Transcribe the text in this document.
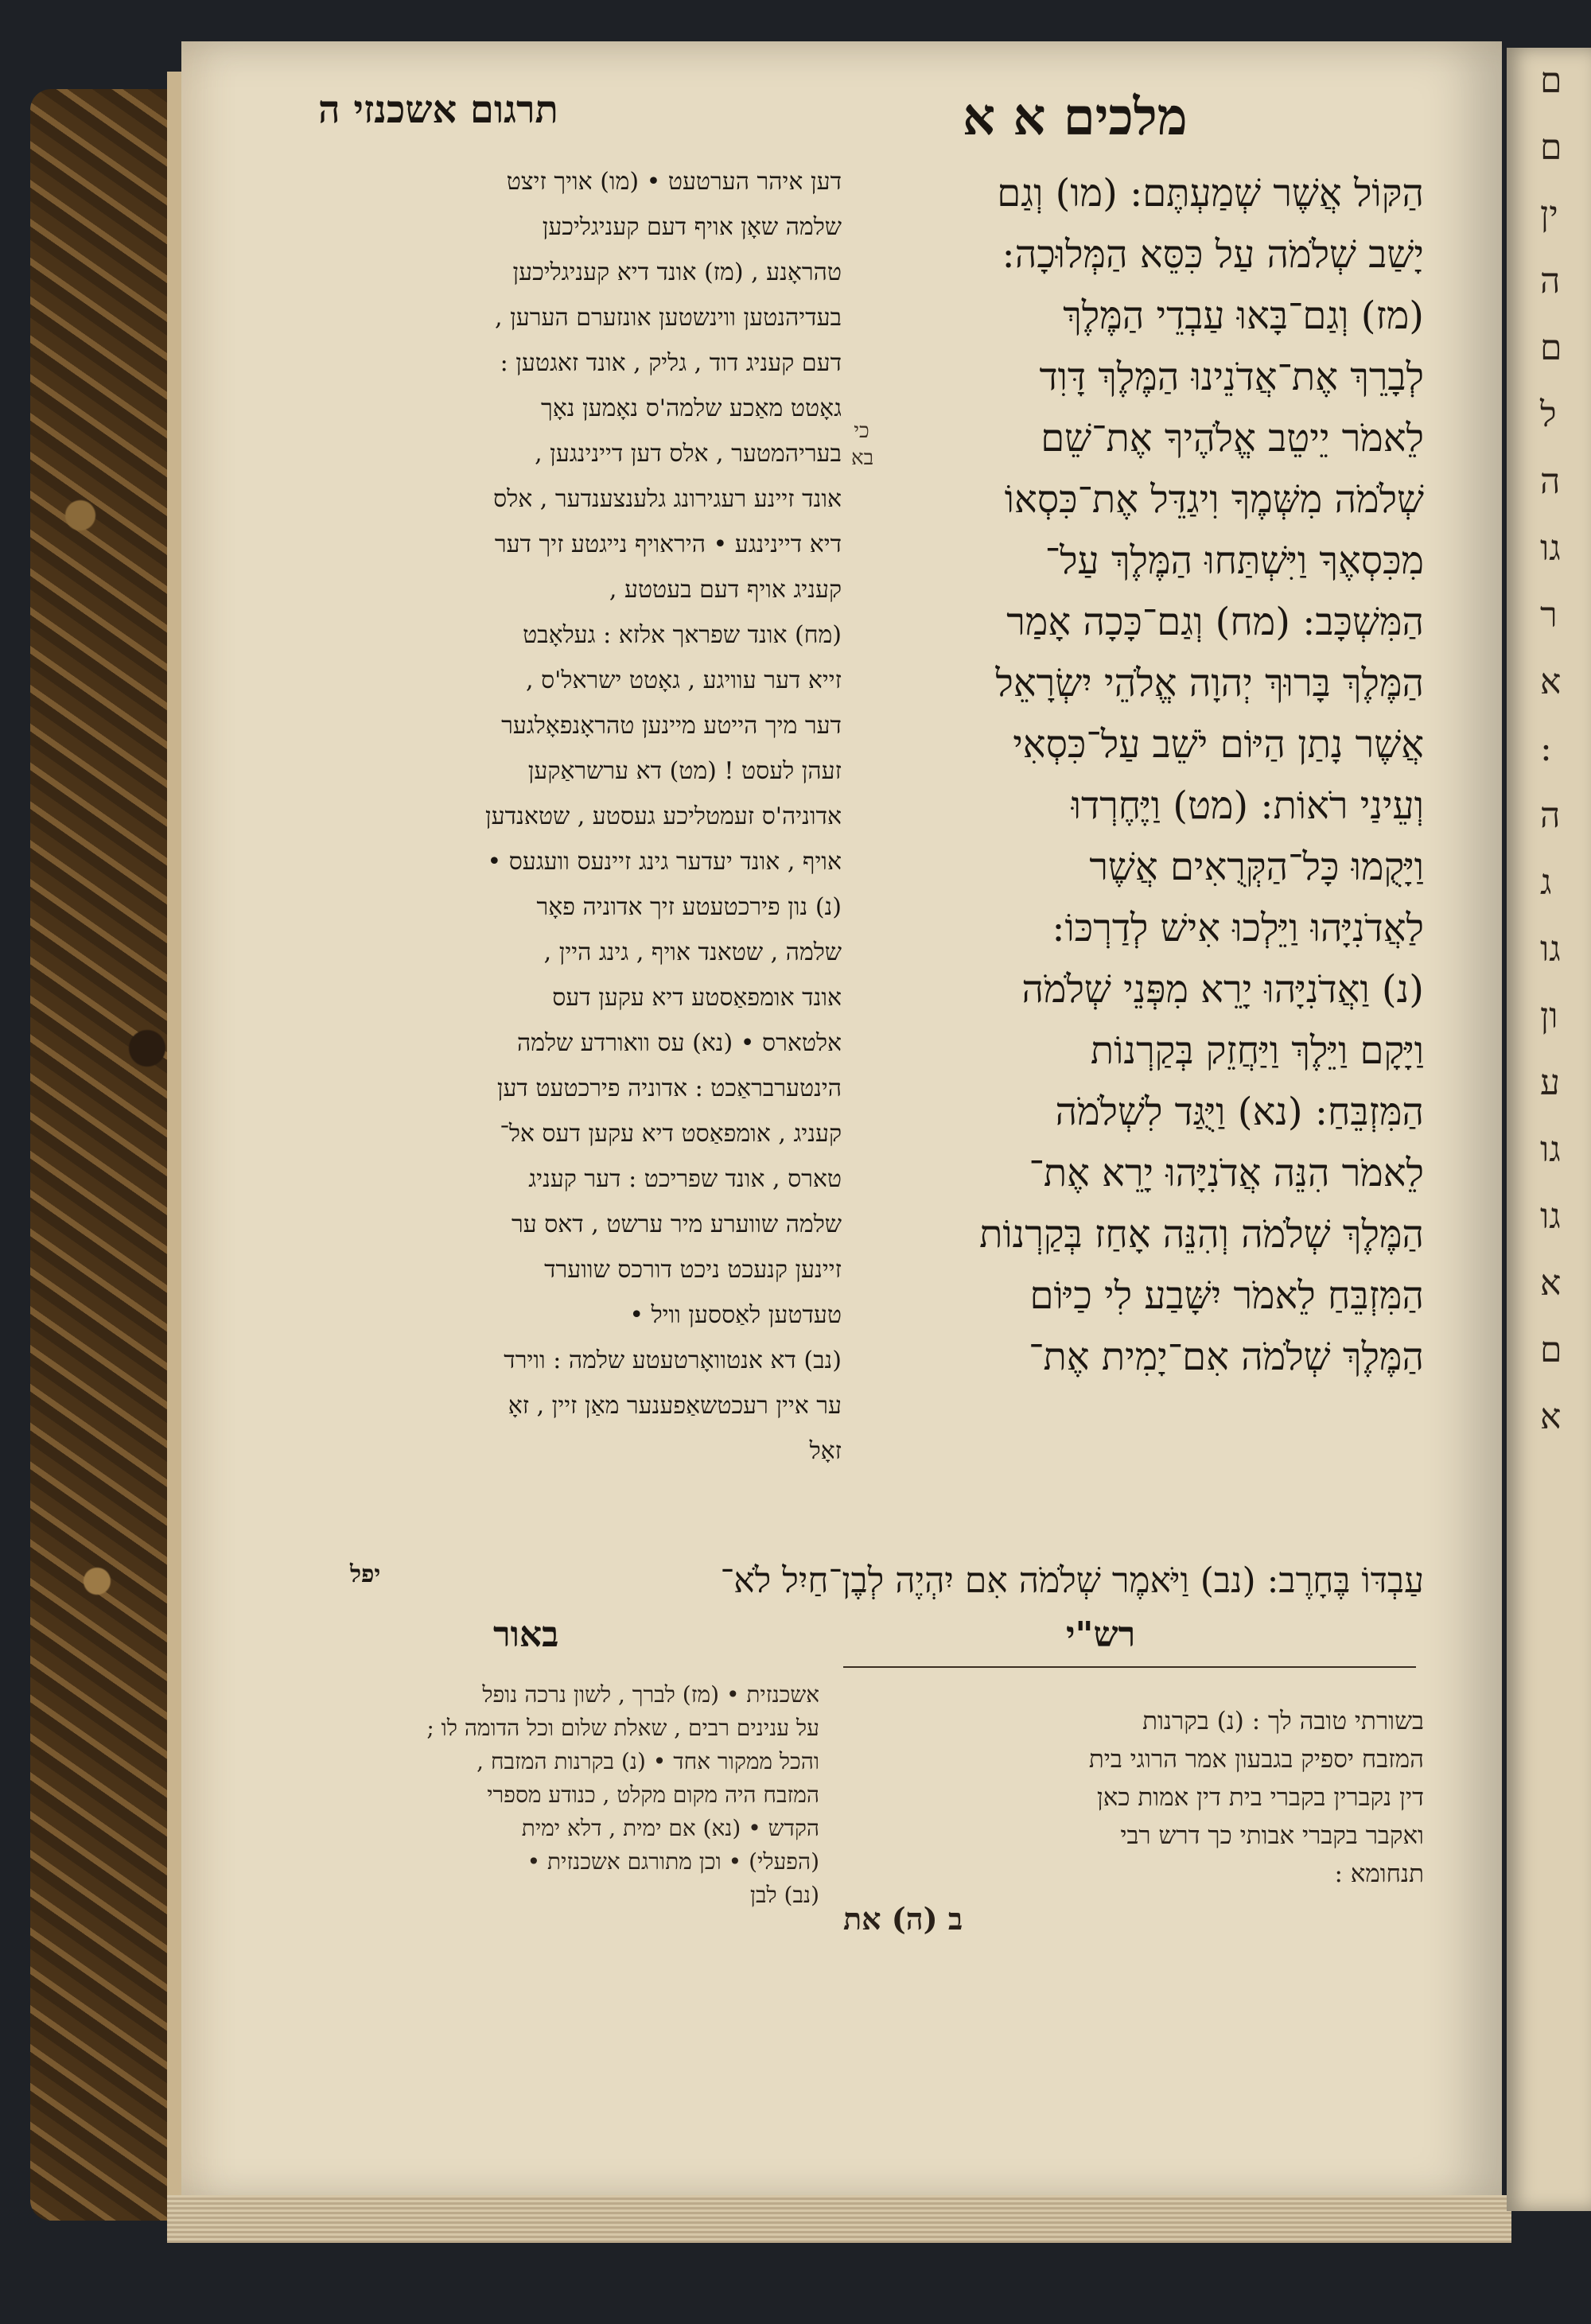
ם
ם
ין
ה
ם
ל
ה
גו
ר
א
:
ה
ג
גו
ון
ע
גו
גו
א
ם
א
תרגום אשכנזי ה	מלכים א א
הַקּוֹל אֲשֶׁר שְׁמַעְתֶּם: (מו) וְגַם
יָשַׁב שְׁלֹמֹה עַל כִּסֵּא הַמְּלוּכָה:
(מז) וְגַם־בָּאוּ עַבְדֵי הַמֶּלֶךְ
לְבָרֵךְ אֶת־אֲדֹנֵינוּ הַמֶּלֶךְ דָּוִד
לֵאמֹר יֵיטֵב אֱלֹהֶיךָ אֶת־שֵׁם
שְׁלֹמֹה מִשְּׁמֶךָ וִיגַדֵּל אֶת־כִּסְאוֹ
מִכִּסְאֶךָ וַיִּשְׁתַּחוּ הַמֶּלֶךְ עַל־
הַמִּשְׁכָּב: (מח) וְגַם־כָּכָה אָמַר
הַמֶּלֶךְ בָּרוּךְ יְהוָה אֱלֹהֵי יִשְׂרָאֵל
אֲשֶׁר נָתַן הַיּוֹם יֹשֵׁב עַל־כִּסְאִי
וְעֵינַי רֹאוֹת: (מט) וַיֶּחֶרְדוּ
וַיָּקֻמוּ כָּל־הַקְּרֻאִים אֲשֶׁר
לַאֲדֹנִיָּהוּ וַיֵּלְכוּ אִישׁ לְדַרְכּוֹ:
(נ) וַאֲדֹנִיָּהוּ יָרֵא מִפְּנֵי שְׁלֹמֹה
וַיָּקָם וַיֵּלֶךְ וַיַּחֲזֵק בְּקַרְנוֹת
הַמִּזְבֵּחַ: (נא) וַיֻּגַּד לִשְׁלֹמֹה
לֵאמֹר הִנֵּה אֲדֹנִיָּהוּ יָרֵא אֶת־
הַמֶּלֶךְ שְׁלֹמֹה וְהִנֵּה אָחַז בְּקַרְנוֹת
הַמִּזְבֵּחַ לֵאמֹר יִשָּׁבַע לִי כַיּוֹם
הַמֶּלֶךְ שְׁלֹמֹה אִם־יָמִית אֶת־
דען איהר הערטעט • (מו) אויך זיצט
שלמה שאָן אויף דעם קעניגליכען
טהראָנע , (מז) אונד דיא קעניגליכען
בעדיהנטען ווינשטען אונזערם הערען ,
דעם קעניג דוד , גליק , אונד זאגטען :
גאָטט מאַכע שלמה'ס נאָמען נאָך
בעריהמטער , אלס דען דיינינגען ,
אונד זיינע רעגירונג גלענצענדער , אלס
דיא דיינינגע • היראויף נייגטע זיך דער
קעניג אויף דעם בעטטע ,
(מח) אונד שפראך אלזא : געלאָבט
זייא דער עוויגע , גאָטט ישראל'ס ,
דער מיך הייטע מיינען טהראָנפאָלגער
זעהן לעסט ! (מט) דא ערשראַקען
אדוניה'ס זעמטליכע געסטע , שטאנדען
אויף , אונד יעדער גינג זיינעס וועגעס •
(נ) נון פירכטעטע זיך אדוניה פאָר
שלמה , שטאנד אויף , גינג היין ,
אונד אומפאַסטע דיא עקען דעס
אלטארס • (נא) עס וואורדע שלמה
הינטערבראַכט : אדוניה פירכטעט דען
קעניג , אומפאַסט דיא עקען דעס אל־
טארס , אונד שפריכט : דער קעניג
שלמה שווערע מיר ערשט , דאס ער
זיינען קנעכט ניכט דורכס שווערד
טעדטען לאַססען וויל •
(נב) דא אנטוואָרטעטע שלמה : ווירד
ער איין רעכטשאַפענער מאַן זיין , זאָ
זאָל
כי בא
עַבְדּוֹ בֶּחָרֶב: (נב) וַיֹּאמֶר שְׁלֹמֹה אִם יִהְיֶה לְבֶן־חַיִל לֹא־
יפל
באור	רש"י
אשכנזית • (מז) לברך , לשון נרכה נופל
על ענינים רבים , שאלת שלום וכל הדומה לו ;
והכל ממקור אחד • (נ) בקרנות המזבח ,
המזבח היה מקום מקלט , כנודע מספרי
הקדש • (נא) אם ימית , דלא ימית
(הפעלי) • וכן מתורגם אשכנזית •
(נב) לבן
בשורתי טובה לך : (נ) בקרנות
המזבח יספיק בגבעון אמר הרוגי בית
דין נקברין בקברי בית דין אמות כאן
ואקבר בקברי אבותי כך דרש רבי
תנחומא :
ב (ה) את
